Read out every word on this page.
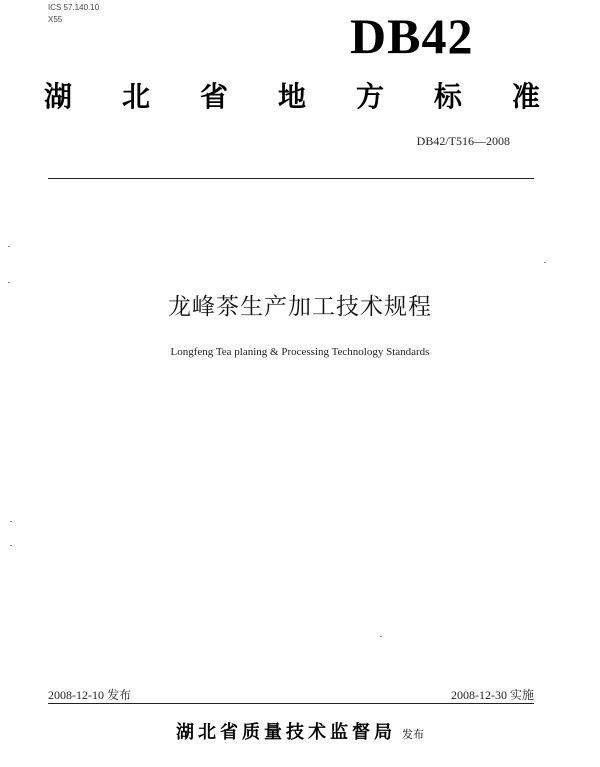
ICS 57.140.10
X55	DB42
湖 北 省 地 方 标 准
DB42/T516—2008
龙峰茶生产加工技术规程
Longfeng Tea planing & Processing Technology Standards
2008-12-10 发布	2008-12-30 实施
湖北省质量技术监督局 发布
